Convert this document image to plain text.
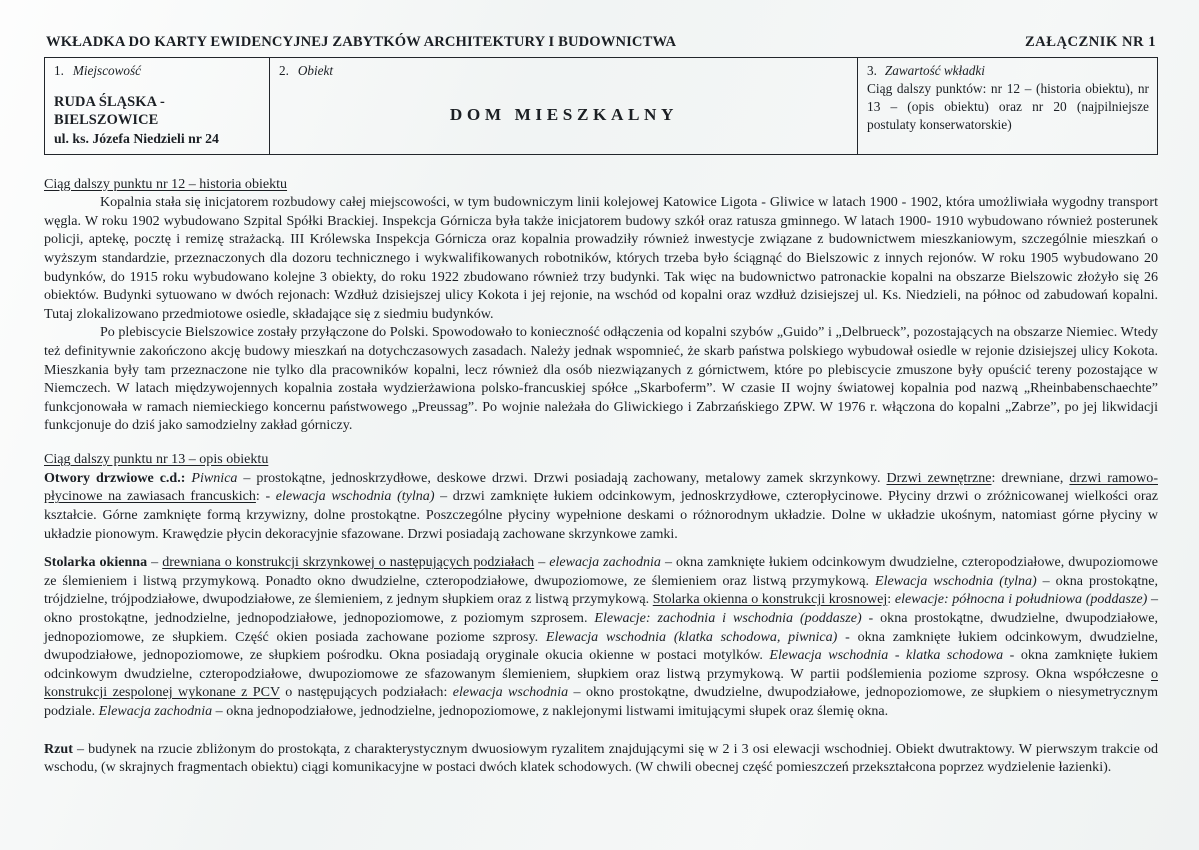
WKŁADKA DO KARTY EWIDENCYJNEJ ZABYTKÓW ARCHITEKTURY I BUDOWNICTWA	ZAŁĄCZNIK NR 1
1. Miejscowość
RUDA ŚLĄSKA - BIELSZOWICE
ul. ks. Józefa Niedzieli nr 24
2. Obiekt
DOM MIESZKALNY
3. Zawartość wkładki
Ciąg dalszy punktów: nr 12 – (historia obiektu), nr 13 – (opis obiektu) oraz nr 20 (najpilniejsze postulaty konserwatorskie)

Ciąg dalszy punktu nr 12 – historia obiektu

Kopalnia stała się inicjatorem rozbudowy całej miejscowości, w tym budowniczym linii kolejowej Katowice Ligota - Gliwice w latach 1900 - 1902, która umożliwiała wygodny transport węgla. W roku 1902 wybudowano Szpital Spółki Brackiej. Inspekcja Górnicza była także inicjatorem budowy szkół oraz ratusza gminnego. W latach 1900- 1910 wybudowano również posterunek policji, aptekę, pocztę i remizę strażacką. III Królewska Inspekcja Górnicza oraz kopalnia prowadziły również inwestycje związane z budownictwem mieszkaniowym, szczególnie mieszkań o wyższym standardzie, przeznaczonych dla dozoru technicznego i wykwalifikowanych robotników, których trzeba było ściągnąć do Bielszowic z innych rejonów. W roku 1905 wybudowano 20 budynków, do 1915 roku wybudowano kolejne 3 obiekty, do roku 1922 zbudowano również trzy budynki. Tak więc na budownictwo patronackie kopalni na obszarze Bielszowic złożyło się 26 obiektów. Budynki sytuowano w dwóch rejonach: Wzdłuż dzisiejszej ulicy Kokota i jej rejonie, na wschód od kopalni oraz wzdłuż dzisiejszej ul. Ks. Niedzieli, na północ od zabudowań kopalni. Tutaj zlokalizowano przedmiotowe osiedle, składające się z siedmiu budynków.

Po plebiscycie Bielszowice zostały przyłączone do Polski. Spowodowało to konieczność odłączenia od kopalni szybów „Guido” i „Delbrueck”, pozostających na obszarze Niemiec. Wtedy też definitywnie zakończono akcję budowy mieszkań na dotychczasowych zasadach. Należy jednak wspomnieć, że skarb państwa polskiego wybudował osiedle w rejonie dzisiejszej ulicy Kokota. Mieszkania były tam przeznaczone nie tylko dla pracowników kopalni, lecz również dla osób niezwiązanych z górnictwem, które po plebiscycie zmuszone były opuścić tereny pozostające w Niemczech. W latach międzywojennych kopalnia została wydzierżawiona polsko-francuskiej spółce „Skarboferm”. W czasie II wojny światowej kopalnia pod nazwą „Rheinbabenschaechte” funkcjonowała w ramach niemieckiego koncernu państwowego „Preussag”. Po wojnie należała do Gliwickiego i Zabrzańskiego ZPW. W 1976 r. włączona do kopalni „Zabrze”, po jej likwidacji funkcjonuje do dziś jako samodzielny zakład górniczy.

Ciąg dalszy punktu nr 13 – opis obiektu

Otwory drzwiowe c.d.: Piwnica – prostokątne, jednoskrzydłowe, deskowe drzwi. Drzwi posiadają zachowany, metalowy zamek skrzynkowy. Drzwi zewnętrzne: drewniane, drzwi ramowo-płycinowe na zawiasach francuskich: - elewacja wschodnia (tylna) – drzwi zamknięte łukiem odcinkowym, jednoskrzydłowe, czteropłycinowe. Płyciny drzwi o zróżnicowanej wielkości oraz kształcie. Górne zamknięte formą krzywizny, dolne prostokątne. Poszczególne płyciny wypełnione deskami o różnorodnym układzie. Dolne w układzie ukośnym, natomiast górne płyciny w układzie pionowym. Krawędzie płycin dekoracyjnie sfazowane. Drzwi posiadają zachowane skrzynkowe zamki.

Stolarka okienna – drewniana o konstrukcji skrzynkowej o następujących podziałach – elewacja zachodnia – okna zamknięte łukiem odcinkowym dwudzielne, czteropodziałowe, dwupoziomowe ze ślemieniem i listwą przymykową. Ponadto okno dwudzielne, czteropodziałowe, dwupoziomowe, ze ślemieniem oraz listwą przymykową. Elewacja wschodnia (tylna) – okna prostokątne, trójdzielne, trójpodziałowe, dwupodziałowe, ze ślemieniem, z jednym słupkiem oraz z listwą przymykową. Stolarka okienna o konstrukcji krosnowej: elewacje: północna i południowa (poddasze) – okno prostokątne, jednodzielne, jednopodziałowe, jednopoziomowe, z poziomym szprosem. Elewacje: zachodnia i wschodnia (poddasze) - okna prostokątne, dwudzielne, dwupodziałowe, jednopoziomowe, ze słupkiem. Część okien posiada zachowane poziome szprosy. Elewacja wschodnia (klatka schodowa, piwnica) - okna zamknięte łukiem odcinkowym, dwudzielne, dwupodziałowe, jednopoziomowe, ze słupkiem pośrodku. Okna posiadają oryginale okucia okienne w postaci motylków. Elewacja wschodnia - klatka schodowa - okna zamknięte łukiem odcinkowym dwudzielne, czteropodziałowe, dwupoziomowe ze sfazowanym ślemieniem, słupkiem oraz listwą przymykową. W partii podślemienia poziome szprosy. Okna współczesne o konstrukcji zespolonej wykonane z PCV o następujących podziałach: elewacja wschodnia – okno prostokątne, dwudzielne, dwupodziałowe, jednopoziomowe, ze słupkiem o niesymetrycznym podziale. Elewacja zachodnia – okna jednopodziałowe, jednodzielne, jednopoziomowe, z naklejonymi listwami imitującymi słupek oraz ślemię okna.

Rzut – budynek na rzucie zbliżonym do prostokąta, z charakterystycznym dwuosiowym ryzalitem znajdującymi się w 2 i 3 osi elewacji wschodniej. Obiekt dwutraktowy. W pierwszym trakcie od wschodu, (w skrajnych fragmentach obiektu) ciągi komunikacyjne w postaci dwóch klatek schodowych. (W chwili obecnej część pomieszczeń przekształcona poprzez wydzielenie łazienki).
